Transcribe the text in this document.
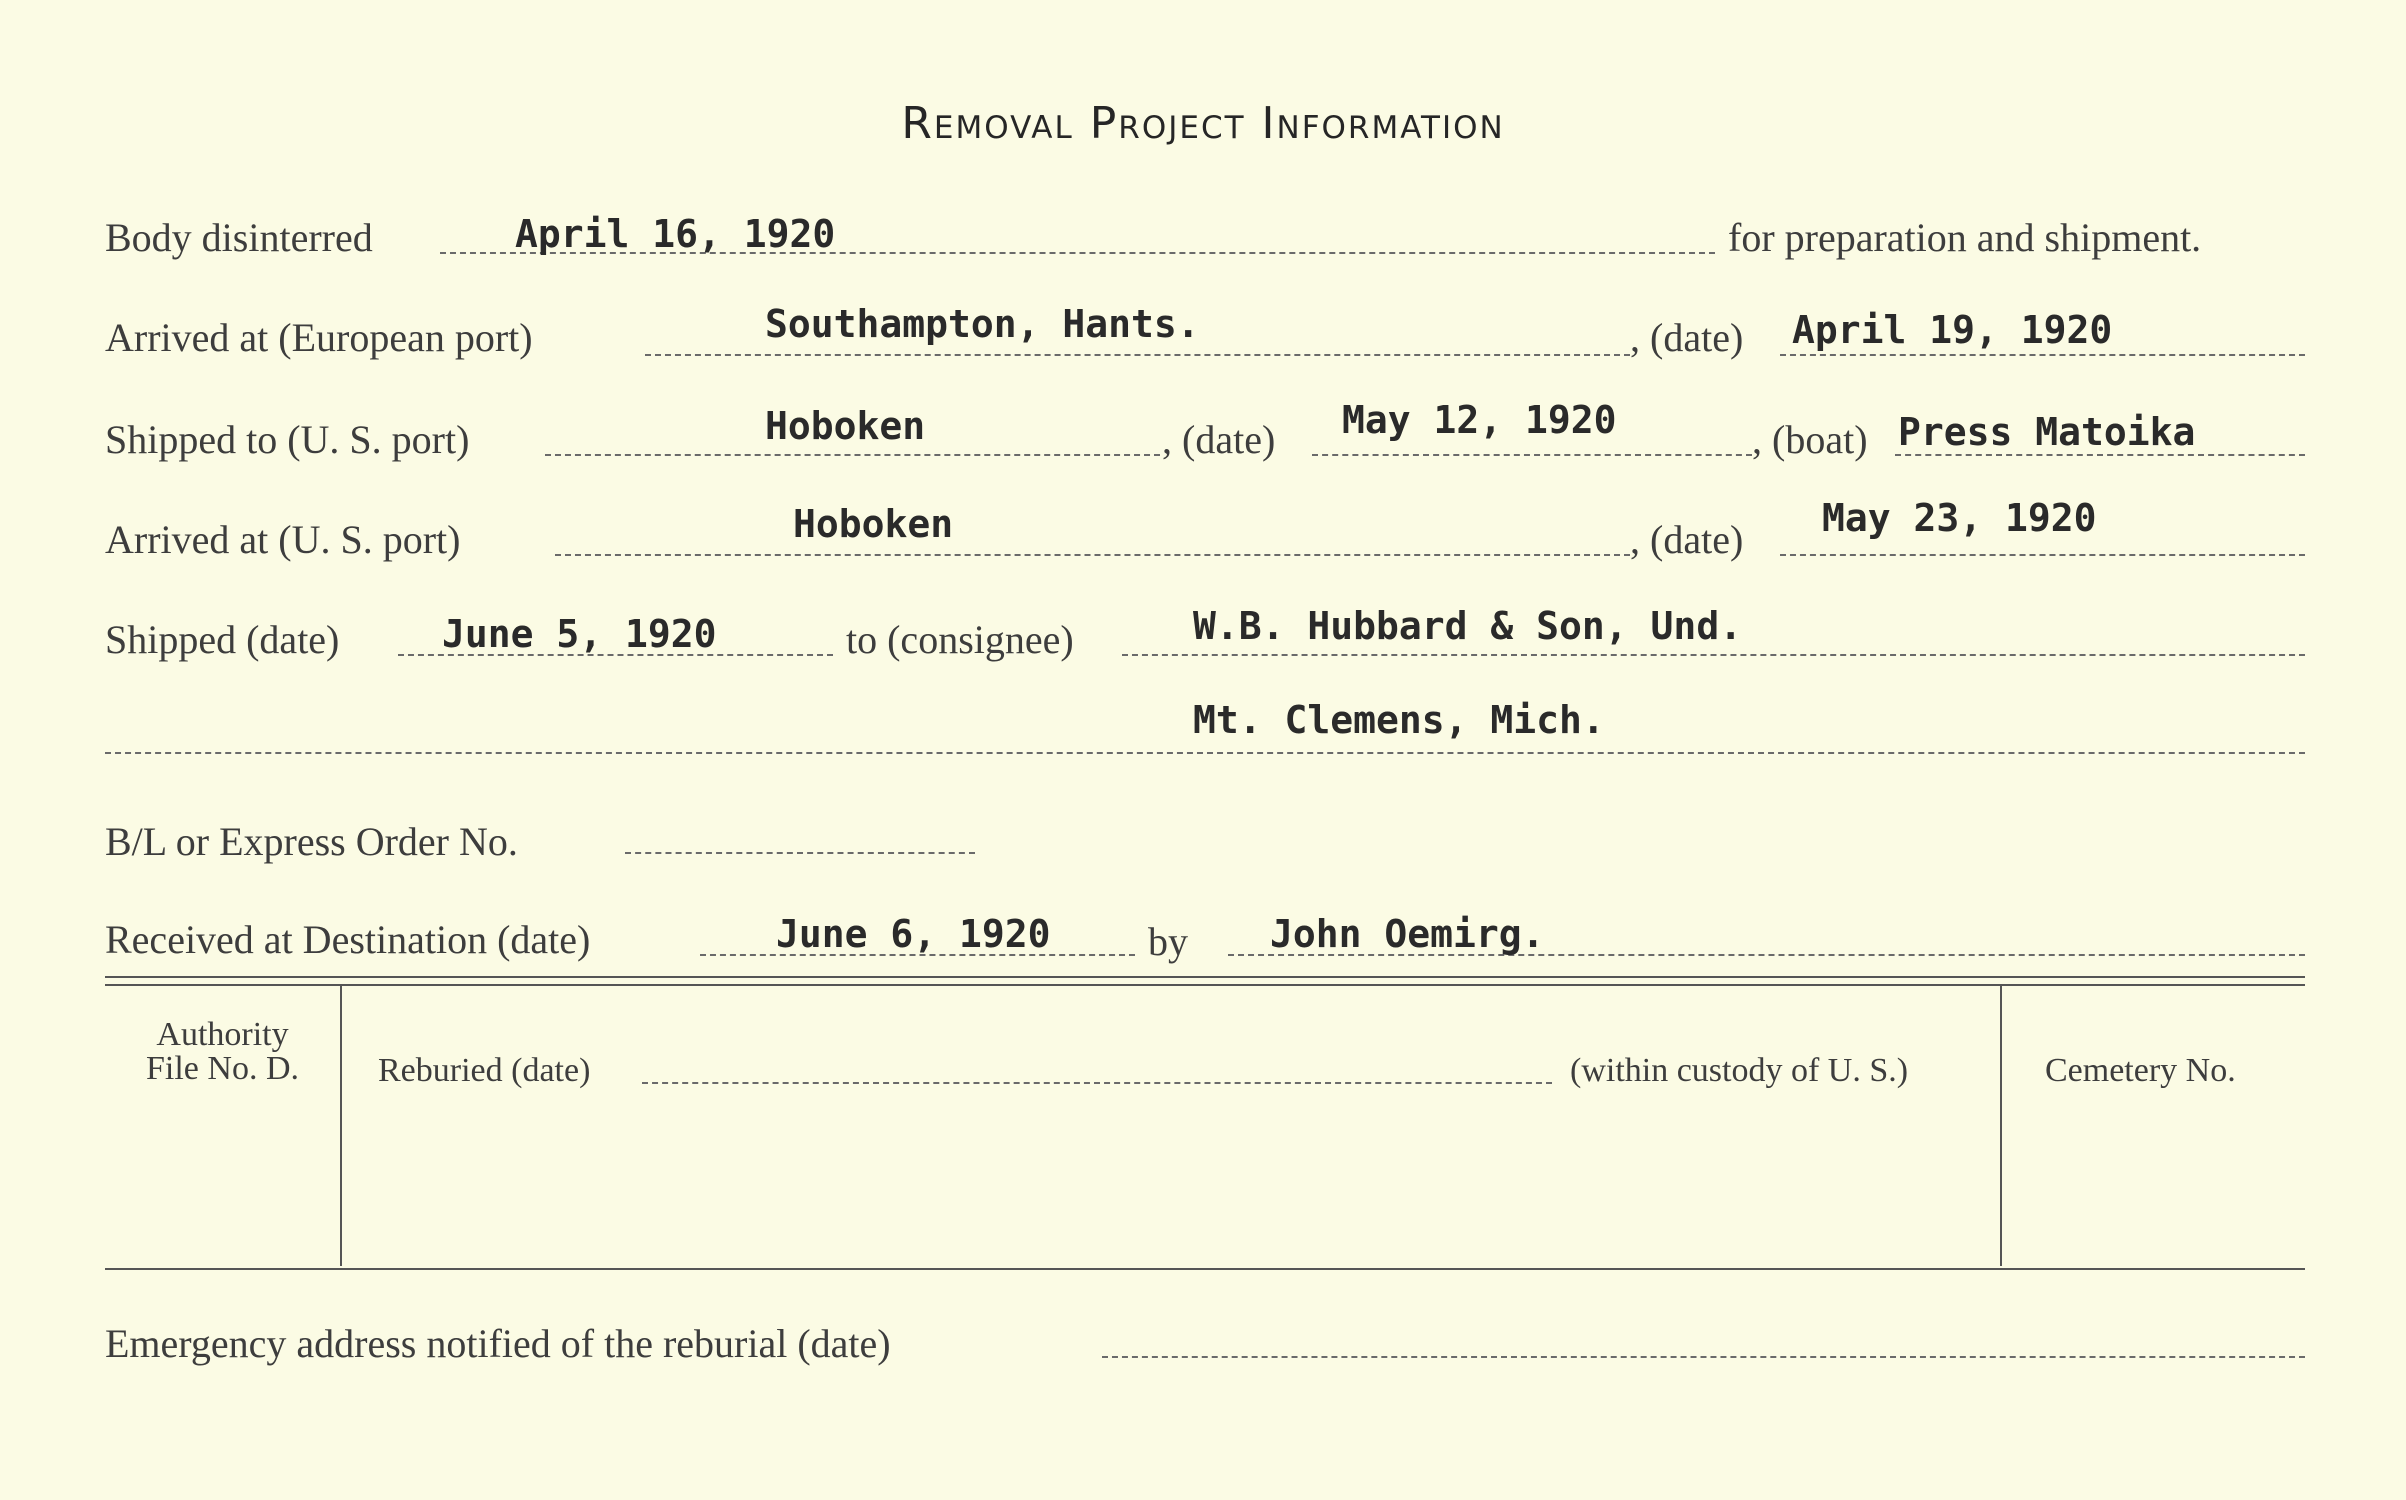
Removal Project Information
Body disinterred	April 16, 1920	for preparation and shipment.
Arrived at (European port)	Southampton, Hants.	, (date) April 19, 1920
Shipped to (U. S. port)	Hoboken	, (date) May 12, 1920	, (boat) Press Matoika
Arrived at (U. S. port)	Hoboken	, (date) May 23, 1920
Shipped (date)	June 5, 1920	to (consignee)	W.B. Hubbard & Son, Und.
Mt. Clemens, Mich.
B/L or Express Order No.
Received at Destination (date)	June 6, 1920 by John Oemirg.
Authority
File No. D.	Reburied (date)	(within custody of U. S.)	Cemetery No.
Emergency address notified of the reburial (date)
